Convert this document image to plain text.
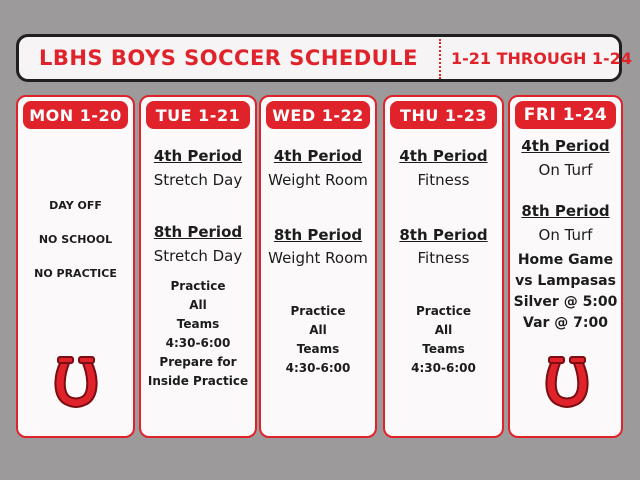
LBHS BOYS SOCCER SCHEDULE 1-21 THROUGH 1-24
MON 1-20
DAY OFF
NO SCHOOL
NO PRACTICE
TUE 1-21
4th Period
Stretch Day
8th Period
Stretch Day
Practice
All
Teams
4:30-6:00
Prepare for
Inside Practice
WED 1-22
4th Period
Weight Room
8th Period
Weight Room
Practice
All
Teams
4:30-6:00
THU 1-23
4th Period
Fitness
8th Period
Fitness
Practice
All
Teams
4:30-6:00
FRI 1-24
4th Period
On Turf
8th Period
On Turf
Home Game
vs Lampasas
Silver @ 5:00
Var @ 7:00
